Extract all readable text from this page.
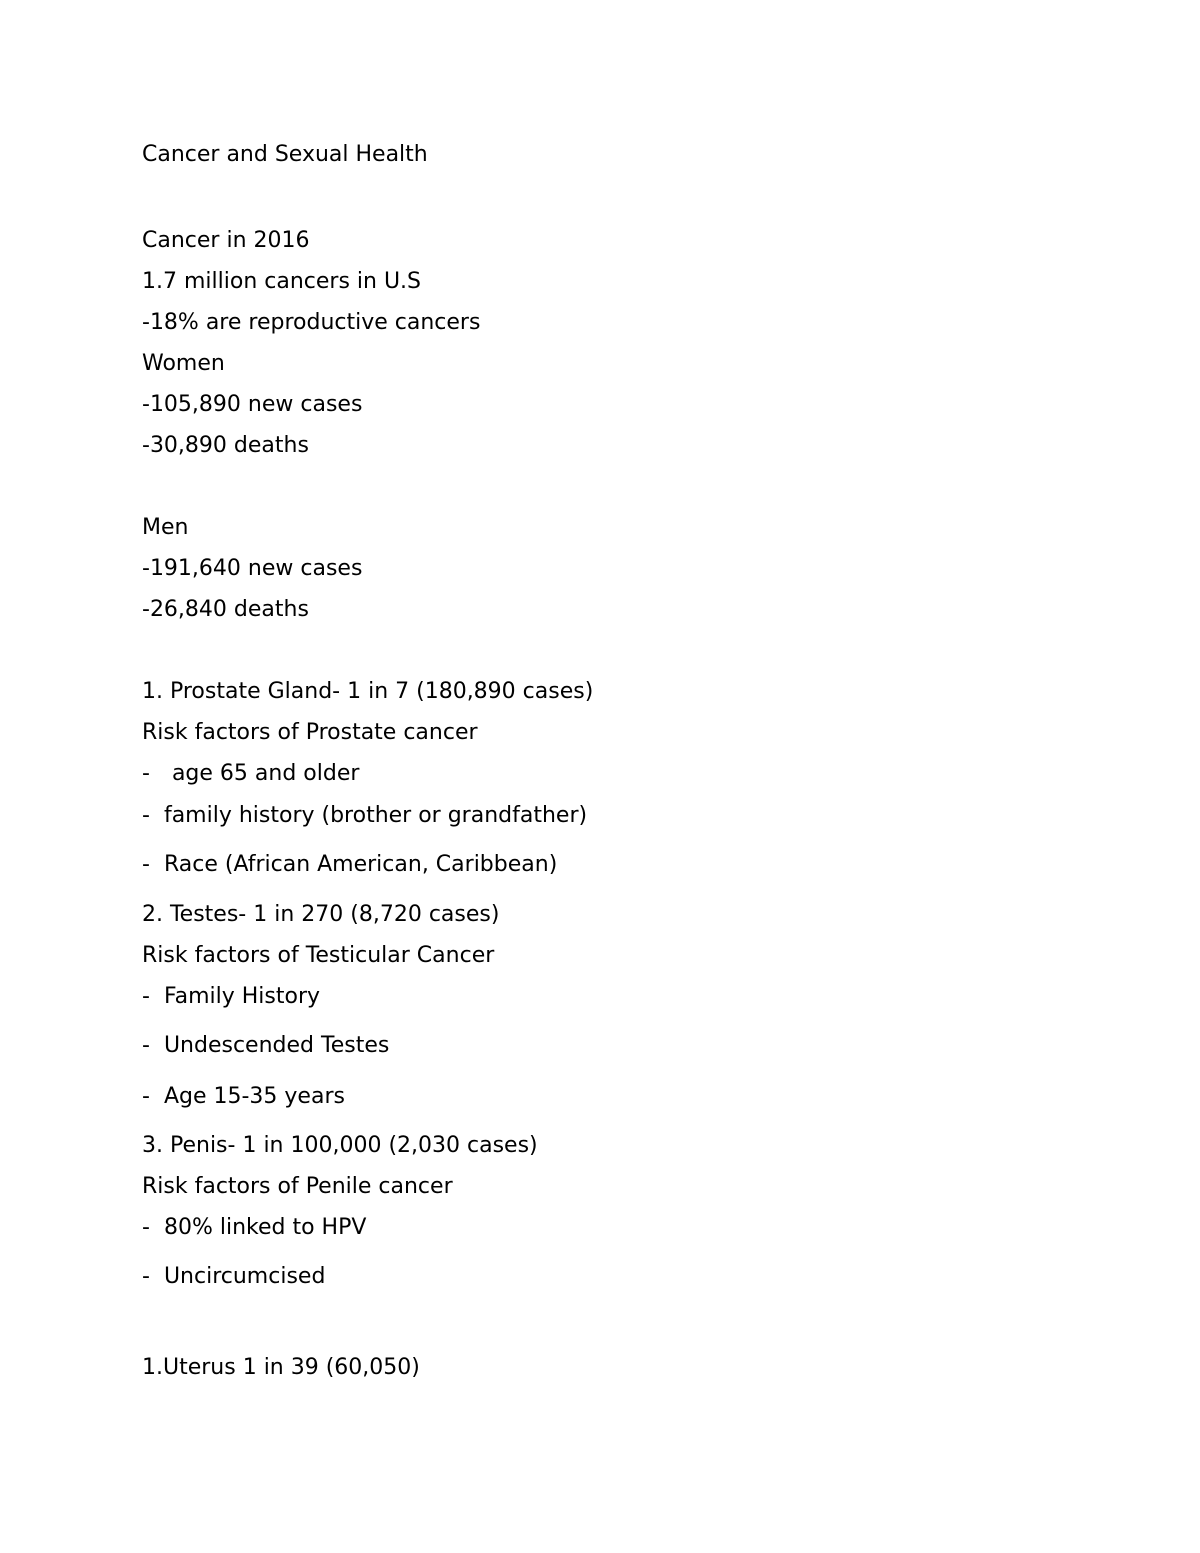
Cancer and Sexual Health
Cancer in 2016
1.7 million cancers in U.S
-18% are reproductive cancers
Women
-105,890 new cases
-30,890 deaths
Men
-191,640 new cases
-26,840 deaths
1. Prostate Gland- 1 in 7 (180,890 cases)
Risk factors of Prostate cancer
- age 65 and older
- family history (brother or grandfather)
- Race (African American, Caribbean)
2. Testes- 1 in 270 (8,720 cases)
Risk factors of Testicular Cancer
- Family History
- Undescended Testes
- Age 15-35 years
3. Penis- 1 in 100,000 (2,030 cases)
Risk factors of Penile cancer
- 80% linked to HPV
- Uncircumcised
1.Uterus 1 in 39 (60,050)
